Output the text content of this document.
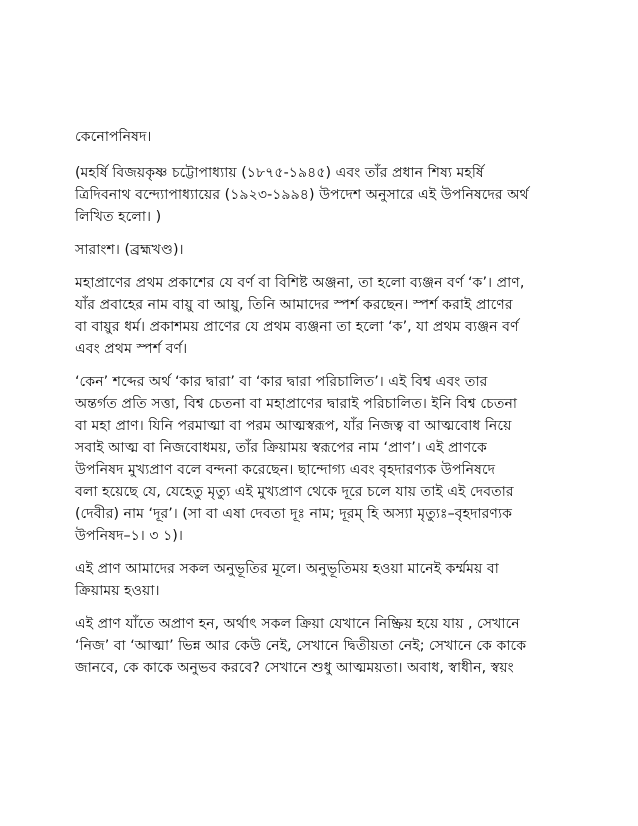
কেনোপনিষদ।

(মহর্ষি বিজয়কৃষ্ণ চট্টোপাধ্যায় (১৮৭৫-১৯৪৫) এবং তাঁর প্রধান শিষ্য মহর্ষি
ত্রিদিবনাথ বন্দ্যোপাধ্যায়ের (১৯২৩-১৯৯৪) উপদেশ অনুসারে এই উপনিষদের অর্থ
লিখিত হলো। )

সারাংশ। (ব্রহ্মখণ্ড)।

মহাপ্রাণের প্রথম প্রকাশের যে বর্ণ বা বিশিষ্ট অঞ্জনা, তা হলো ব্যঞ্জন বর্ণ ‘ক’। প্রাণ,
যাঁর প্রবাহের নাম বায়ু বা আয়ু, তিনি আমাদের স্পর্শ করছেন। স্পর্শ করাই প্রাণের
বা বায়ুর ধর্ম। প্রকাশময় প্রাণের যে প্রথম ব্যঞ্জনা তা হলো ‘ক’, যা প্রথম ব্যঞ্জন বর্ণ
এবং প্রথম স্পর্শ বর্ণ।

‘কেন’ শব্দের অর্থ ‘কার দ্বারা’ বা ‘কার দ্বারা পরিচালিত’। এই বিশ্ব এবং তার
অন্তর্গত প্রতি সত্তা, বিশ্ব চেতনা বা মহাপ্রাণের দ্বারাই পরিচালিত। ইনি বিশ্ব চেতনা
বা মহা প্রাণ। যিনি পরমাত্মা বা পরম আত্মস্বরূপ, যাঁর নিজত্ব বা আত্মবোধ নিয়ে
সবাই আত্ম বা নিজবোধময়, তাঁর ক্রিয়াময় স্বরূপের নাম ‘প্রাণ’। এই প্রাণকে
উপনিষদ মুখ্যপ্রাণ বলে বন্দনা করেছেন। ছান্দোগ্য এবং বৃহদারণ্যক উপনিষদে
বলা হয়েছে যে, যেহেতু মৃত্যু এই মুখ্যপ্রাণ থেকে দূরে চলে যায় তাই এই দেবতার
(দেবীর) নাম ‘দূর’। (সা বা এষা দেবতা দূঃ নাম; দূরম্ হি অস্যা মৃত্যুঃ–বৃহদারণ্যক
উপনিষদ–১। ৩ ১)।

এই প্রাণ আমাদের সকল অনুভূতির মূলে। অনুভূতিময় হওয়া মানেই কর্ম্মময় বা
ক্রিয়াময় হওয়া।

এই প্রাণ যাঁতে অপ্রাণ হন, অর্থাৎ সকল ক্রিয়া যেখানে নিষ্ক্রিয় হয়ে যায় , সেখানে
‘নিজ’ বা ‘আত্মা’ ভিন্ন আর কেউ নেই, সেখানে দ্বিতীয়তা নেই; সেখানে কে কাকে
জানবে, কে কাকে অনুভব করবে? সেখানে শুধু আত্মময়তা। অবাধ, স্বাধীন, স্বয়ং
